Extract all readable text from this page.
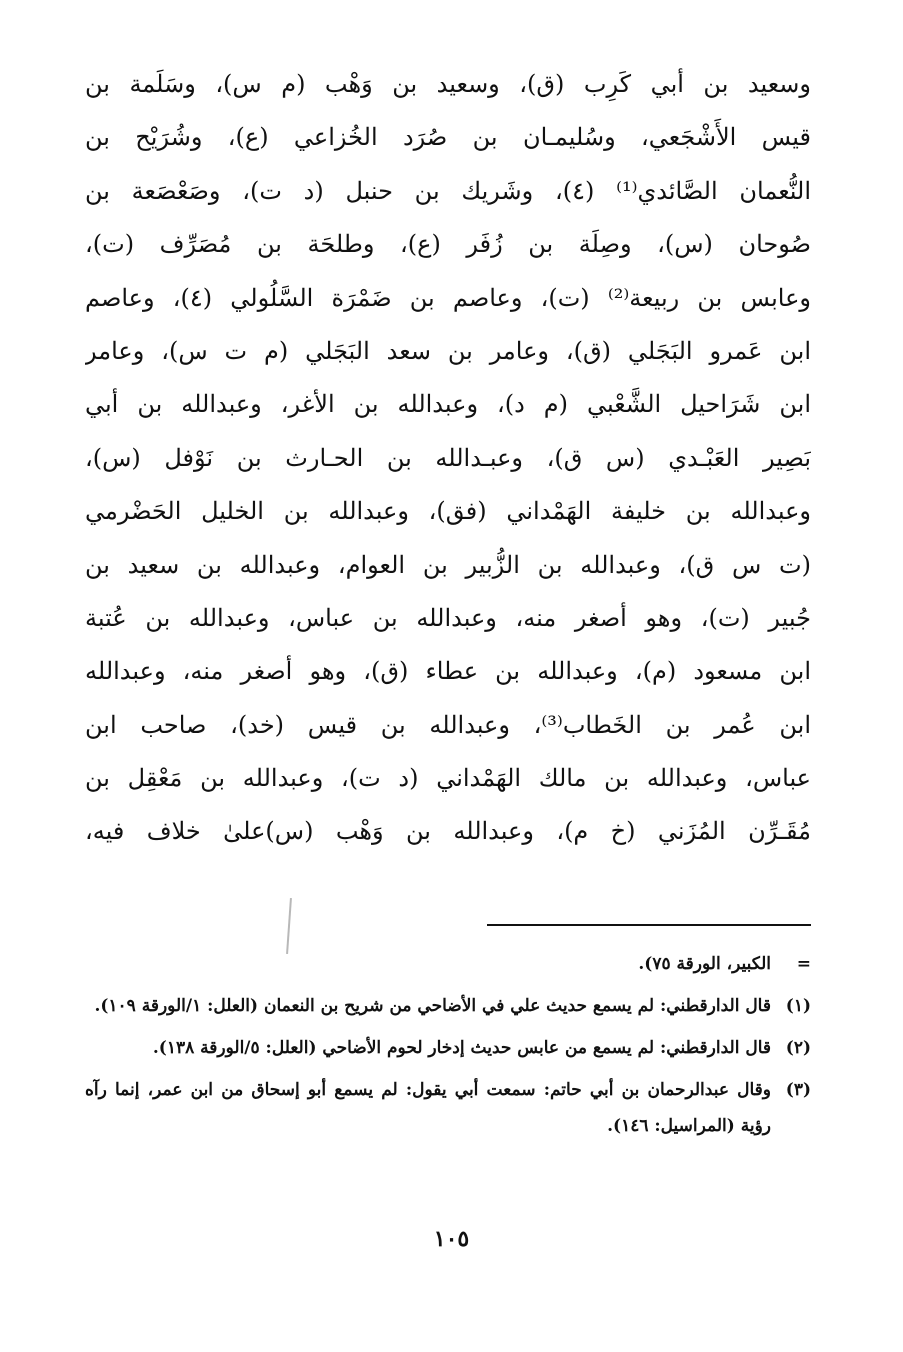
وسعيد بن أبي كَرِب (ق)، وسعيد بن وَهْب (م س)، وسَلَمة بن
قيس الأَشْجَعي، وسُليمـان بن صُرَد الخُزاعي (ع)، وشُرَيْح بن
النُّعمان الصَّائدي⁽¹⁾ (٤)، وشَريك بن حنبل (د ت)، وصَعْصَعة بن
صُوحان (س)، وصِلَة بن زُفَر (ع)، وطلحَة بن مُصَرِّف (ت)،
وعابس بن ربيعة⁽²⁾ (ت)، وعاصم بن ضَمْرَة السَّلُولي (٤)، وعاصم
ابن عَمرو البَجَلي (ق)، وعامر بن سعد البَجَلي (م ت س)، وعامر
ابن شَرَاحيل الشَّعْبي (م د)، وعبدالله بن الأغر، وعبدالله بن أبي
بَصِير العَبْـدي (س ق)، وعبـدالله بن الحـارث بن نَوْفل (س)،
وعبدالله بن خليفة الهَمْداني (فق)، وعبدالله بن الخليل الحَضْرمي
(ت س ق)، وعبدالله بن الزُّبير بن العوام، وعبدالله بن سعيد بن
جُبير (ت)، وهو أصغر منه، وعبدالله بن عباس، وعبدالله بن عُتبة
ابن مسعود (م)، وعبدالله بن عطاء (ق)، وهو أصغر منه، وعبدالله
ابن عُمر بن الخَطاب⁽³⁾، وعبدالله بن قيس (خد)، صاحب ابن
عباس، وعبدالله بن مالك الهَمْداني (د ت)، وعبدالله بن مَعْقِل بن
مُقَـرِّن المُزَني (خ م)، وعبدالله بن وَهْب (س)علىٰ خلاف فيه،
=
الكبير، الورقة ٧٥).
(١)
قال الدارقطني: لم يسمع حديث علي في الأضاحي من شريح بن النعمان (العلل: ١/الورقة ١٠٩).
(٢)
قال الدارقطني: لم يسمع من عابس حديث إدخار لحوم الأضاحي (العلل: ٥/الورقة ١٣٨).
(٣)
وقال عبدالرحمان بن أبي حاتم: سمعت أبي يقول: لم يسمع أبو إسحاق من ابن عمر، إنما رآه رؤية (المراسيل: ١٤٦).
١٠٥
